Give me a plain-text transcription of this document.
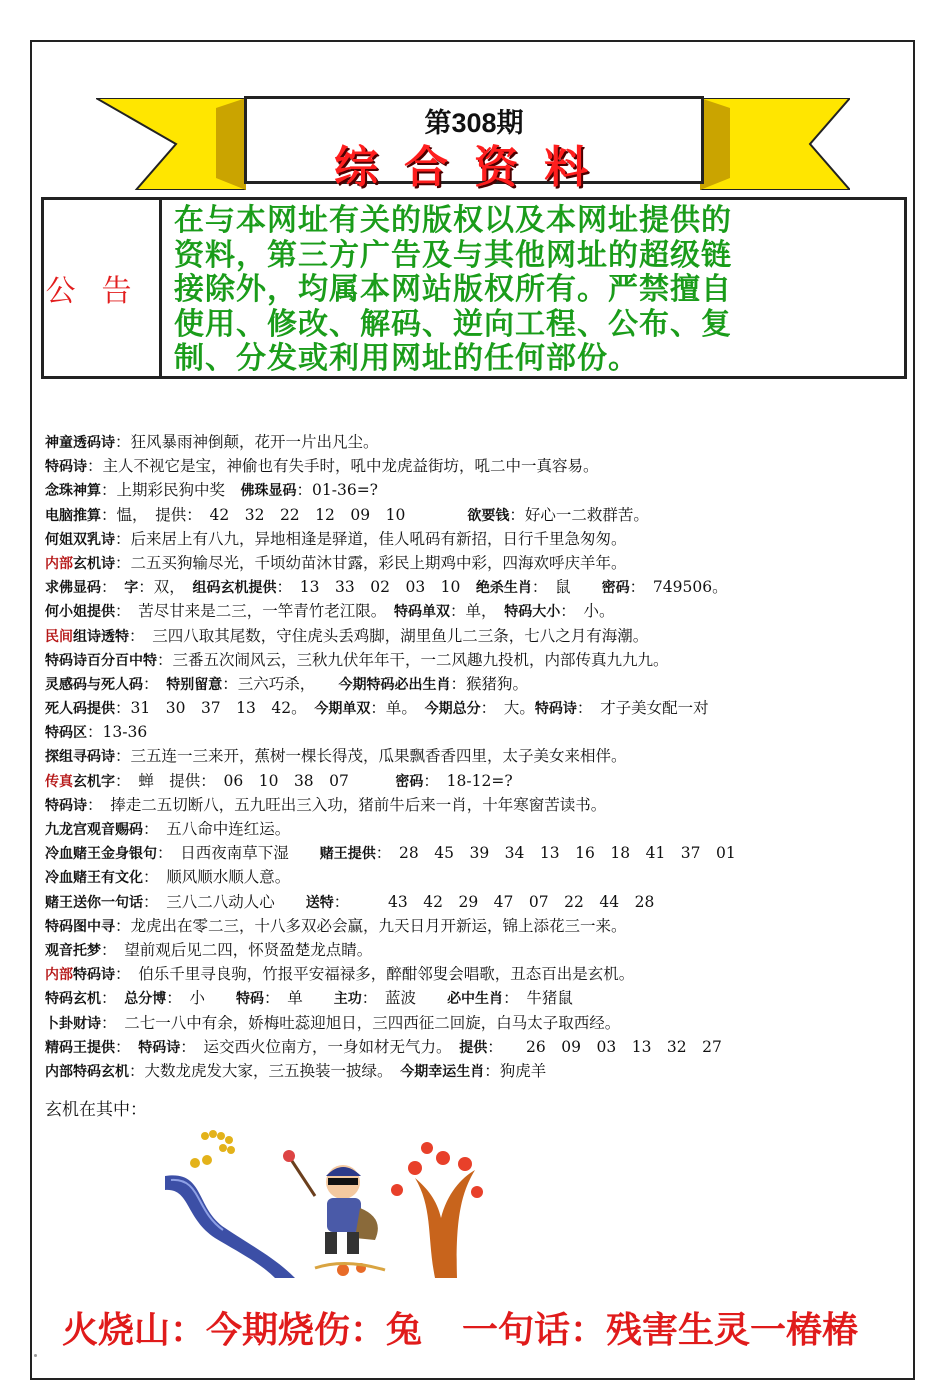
第308期
综合资料
公告
在与本网址有关的版权以及本网址提供的
资料，第三方广告及与其他网址的超级链
接除外，均属本网站版权所有。严禁擅自
使用、修改、解码、逆向工程、公布、复
制、分发或利用网址的任何部份。
神童透码诗：狂风暴雨神倒颠，花开一片出凡尘。
特码诗：主人不视它是宝，神偷也有失手时，吼中龙虎益街坊，吼二中一真容易。
念珠神算：上期彩民狗中奖　佛珠显码：01-36=?
电脑推算：愠，　提供：　42　32　22　12　09　10　　　　欲要钱：好心一二救群苦。
何姐双乳诗：后来居上有八九，异地相逢是驿道，佳人吼码有新招，日行千里急匆匆。
内部玄机诗：二五买狗输尽光，千顷幼苗沐甘露，彩民上期鸡中彩，四海欢呼庆羊年。
求佛显码：　字：双，　组码玄机提供：　13　33　02　03　10　绝杀生肖：　鼠　　密码：　749506。
何小姐提供：　苦尽甘来是二三，一竿青竹老江限。　特码单双：单，　特码大小：　小。
民间组诗透特：　三四八取其尾数，守住虎头丢鸡脚，湖里鱼儿二三条，七八之月有海潮。
特码诗百分百中特：三番五次闹风云，三秋九伏年年干，一二风趣九投机，内部传真九九九。
灵感码与死人码：　特别留意：三六巧杀，　　今期特码必出生肖：猴猪狗。
死人码提供：31　30　37　13　42。　今期单双：单。　今期总分：　大。特码诗：　才子美女配一对
特码区：13-36
探组寻码诗：三五连一三来开，蕉树一棵长得茂，瓜果飘香香四里，太子美女来相伴。
传真玄机字：　蝉　提供：　06　10　38　07　　　密码：　18-12=?
特码诗：　捧走二五切断八，五九旺出三入功，猪前牛后来一肖，十年寒窗苦读书。
九龙宫观音赐码：　五八命中连红运。
冷血赌王金身银句：　日西夜南草下湿　　赌王提供：　28　45　39　34　13　16　18　41　37　01
冷血赌王有文化：　顺风顺水顺人意。
赌王送你一句话：　三八二八动人心　　送特：　　　43　42　29　47　07　22　44　28
特码图中寻：龙虎出在零二三，十八多双必会赢，九天日月开新运，锦上添花三一来。
观音托梦：　望前观后见二四，怀贤盈楚龙点睛。
内部特码诗：　伯乐千里寻良驹，竹报平安福禄多，醉酣邻叟会唱歌，丑态百出是玄机。
特码玄机：　总分博：　小　　特码：　单　　主功：　蓝波　　必中生肖：　牛猪鼠
卜卦财诗：　二七一八中有余，娇梅吐蕊迎旭日，三四西征二回旋，白马太子取西经。
精码王提供：　特码诗：　运交西火位南方，一身如材无气力。　提供：　　26　09　03　13　32　27
内部特码玄机：大数龙虎发大家，三五换装一披绿。　今期幸运生肖：狗虎羊
玄机在其中：
火烧山：今期烧伤：兔 一句话：残害生灵一椿椿
